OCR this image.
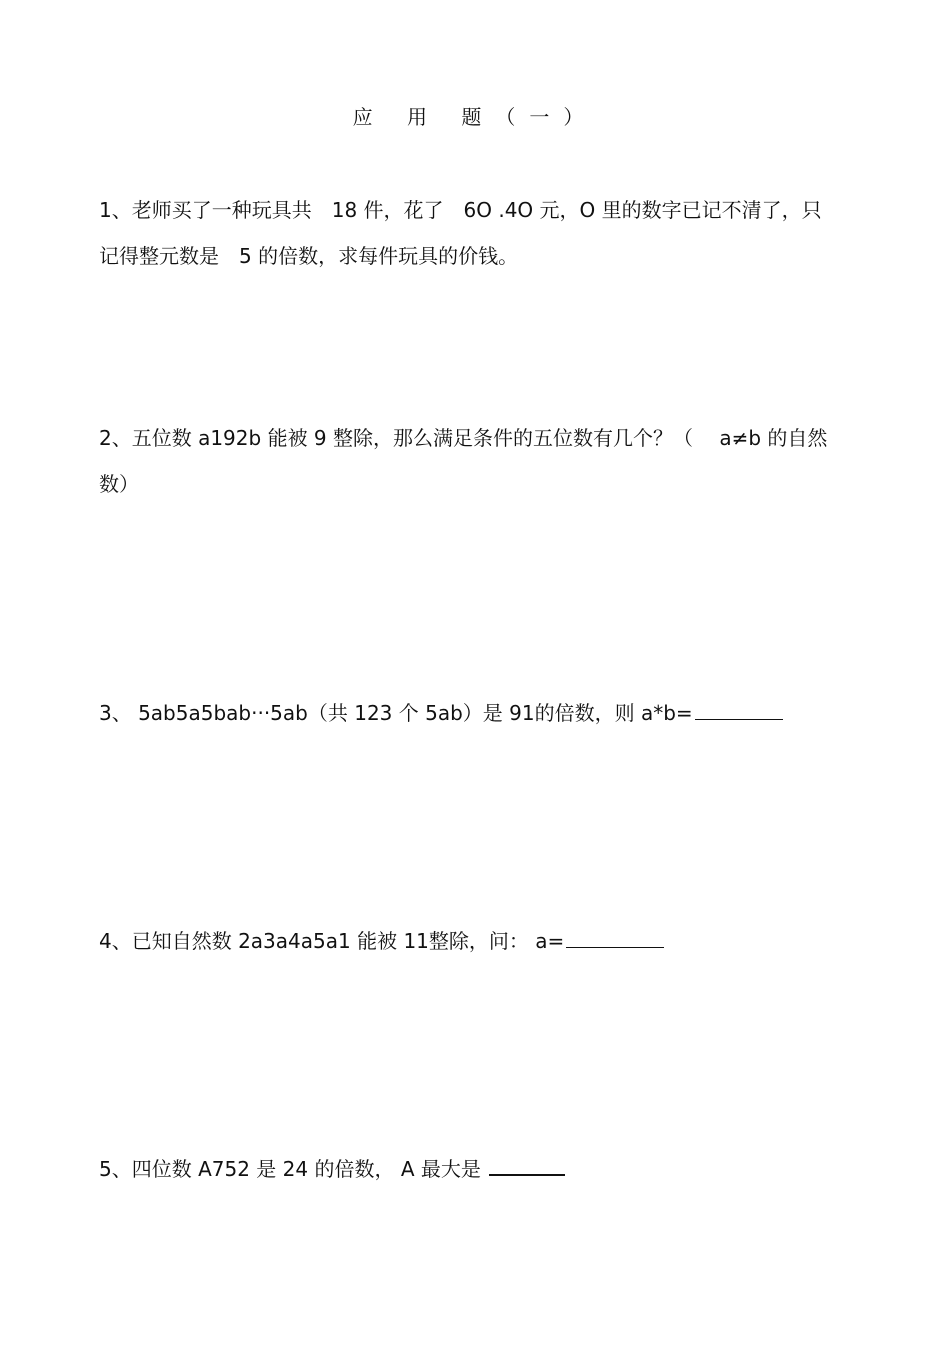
应 用 题（一）
1、老师买了一种玩具共　18 件，花了　6O .4O 元，O 里的数字已记不清了，只
记得整元数是　5 的倍数，求每件玩具的价钱。
2、五位数 a192b 能被 9 整除，那么满足条件的五位数有几个？（　 a≠b 的自然
数）
3、 5ab5a5bab···5ab（共 123 个 5ab）是 91的倍数，则 a*b=
4、已知自然数 2a3a4a5a1 能被 11整除，问： a=
5、四位数 A752 是 24 的倍数， A 最大是
